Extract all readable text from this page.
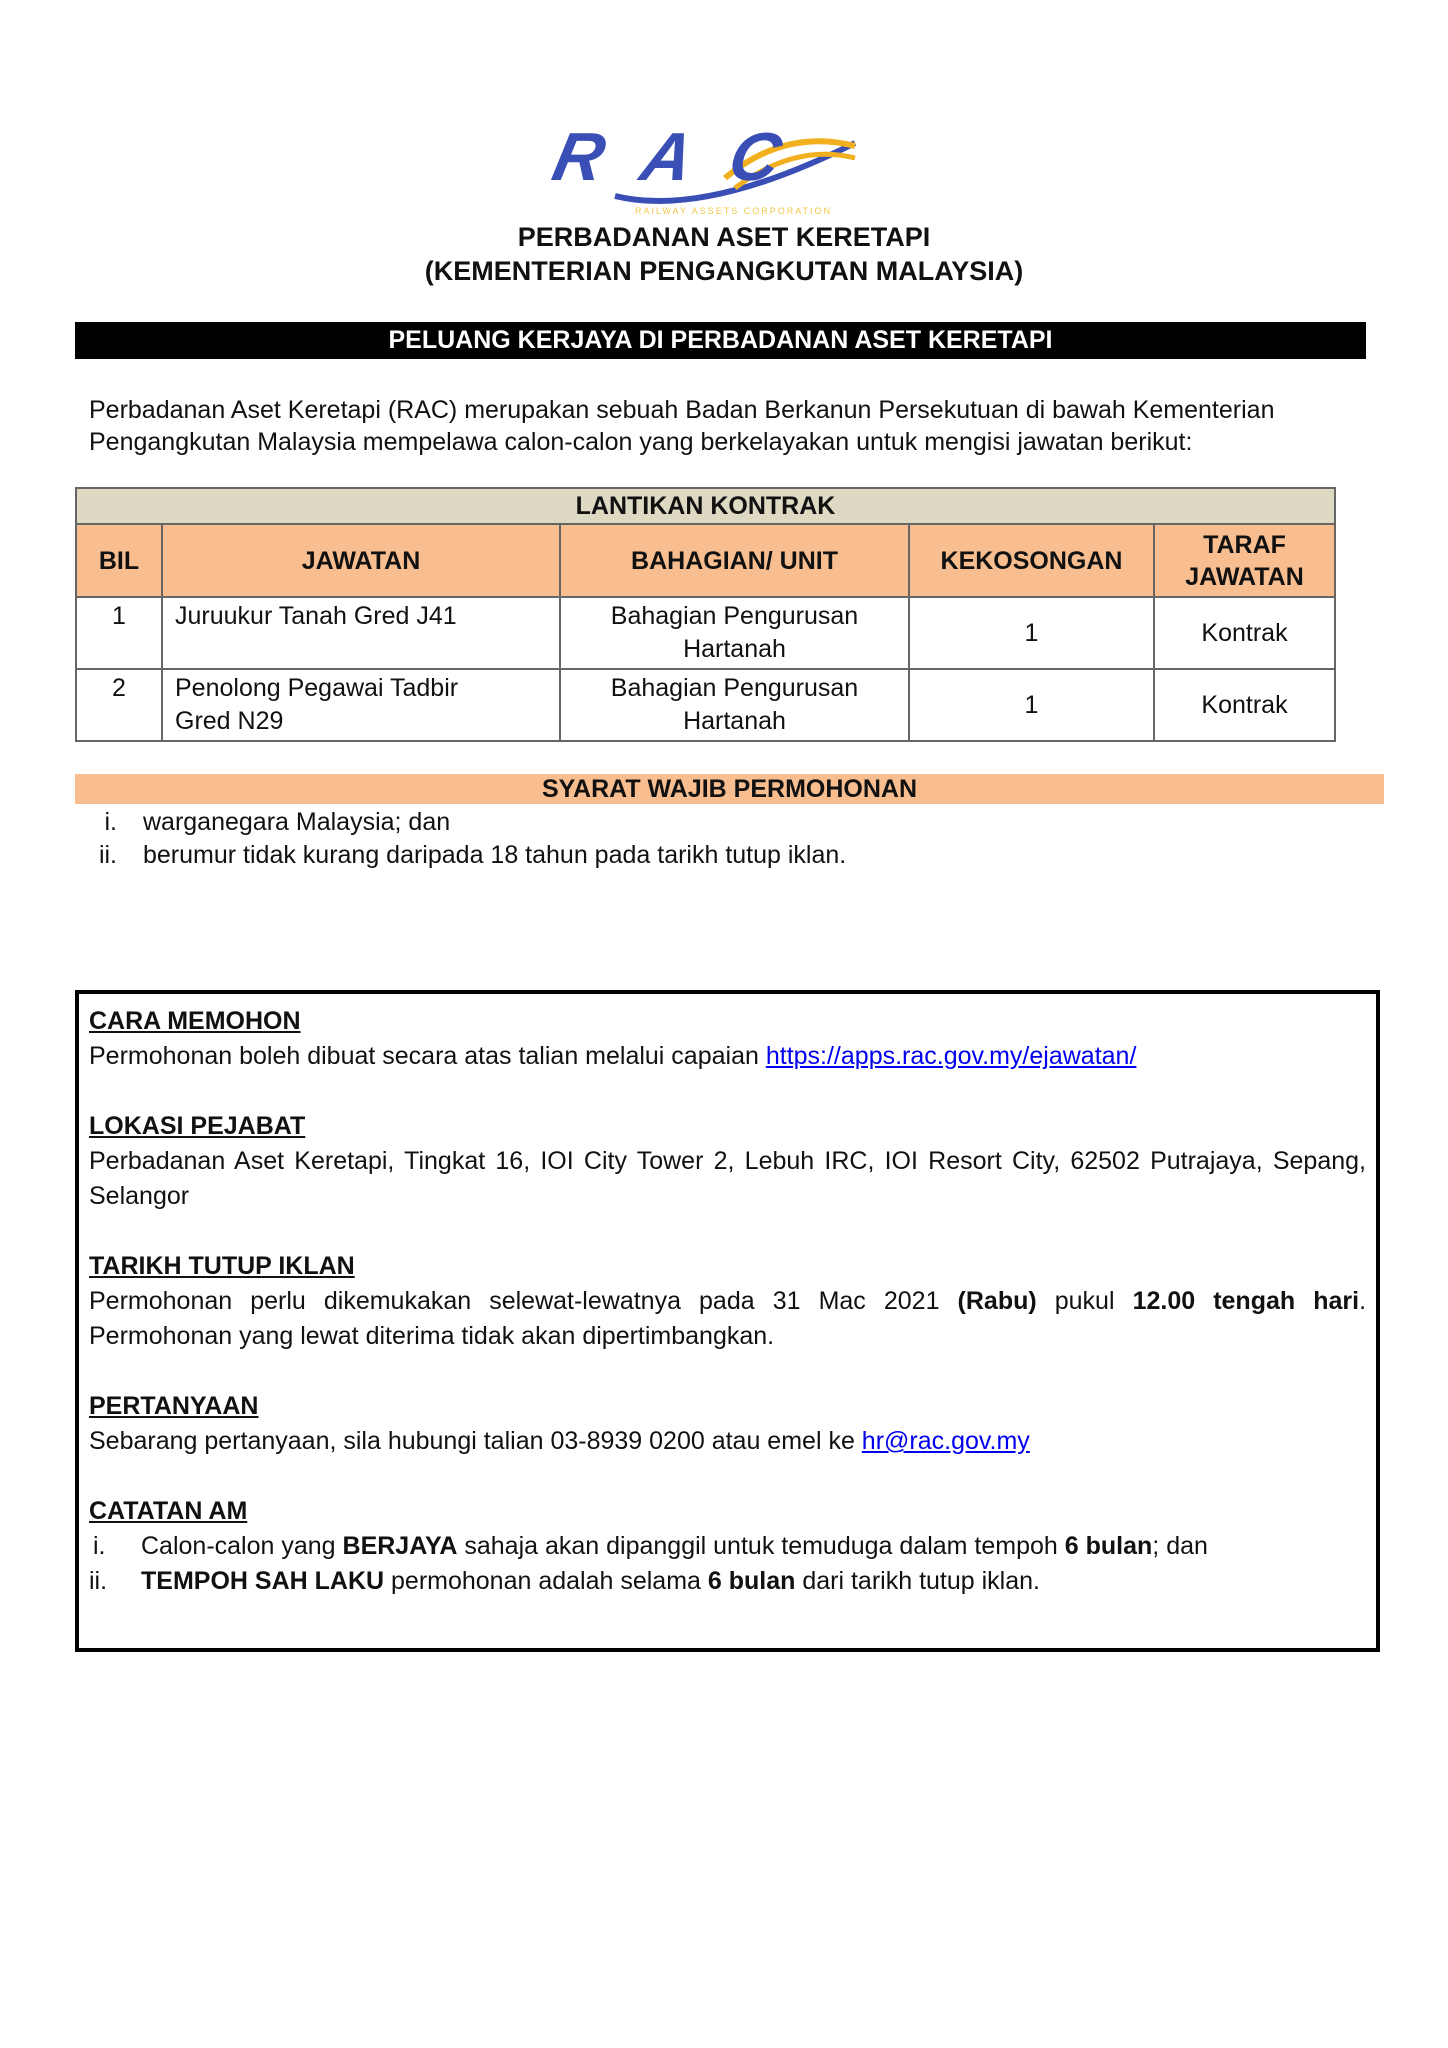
RAC
RAILWAY ASSETS CORPORATION
PERBADANAN ASET KERETAPI
(KEMENTERIAN PENGANGKUTAN MALAYSIA)
PELUANG KERJAYA DI PERBADANAN ASET KERETAPI
Perbadanan Aset Keretapi (RAC) merupakan sebuah Badan Berkanun Persekutuan di bawah Kementerian Pengangkutan Malaysia mempelawa calon-calon yang berkelayakan untuk mengisi jawatan berikut:
LANTIKAN KONTRAK				
BIL	JAWATAN	BAHAGIAN/ UNIT	KEKOSONGAN	TARAF JAWATAN
1	Juruukur Tanah Gred J41	Bahagian Pengurusan Hartanah	1	Kontrak
2	Penolong Pegawai Tadbir Gred N29	Bahagian Pengurusan Hartanah	1	Kontrak
SYARAT WAJIB PERMOHONAN
i.	warganegara Malaysia; dan
ii.	berumur tidak kurang daripada 18 tahun pada tarikh tutup iklan.
CARA MEMOHON
Permohonan boleh dibuat secara atas talian melalui capaian https://apps.rac.gov.my/ejawatan/
LOKASI PEJABAT
Perbadanan Aset Keretapi, Tingkat 16, IOI City Tower 2, Lebuh IRC, IOI Resort City, 62502 Putrajaya, Sepang, Selangor
TARIKH TUTUP IKLAN
Permohonan perlu dikemukakan selewat-lewatnya pada 31 Mac 2021 (Rabu) pukul 12.00 tengah hari. Permohonan yang lewat diterima tidak akan dipertimbangkan.
PERTANYAAN
Sebarang pertanyaan, sila hubungi talian 03-8939 0200 atau emel ke hr@rac.gov.my
CATATAN AM
i.	Calon-calon yang BERJAYA sahaja akan dipanggil untuk temuduga dalam tempoh 6 bulan; dan
ii.	TEMPOH SAH LAKU permohonan adalah selama 6 bulan dari tarikh tutup iklan.
